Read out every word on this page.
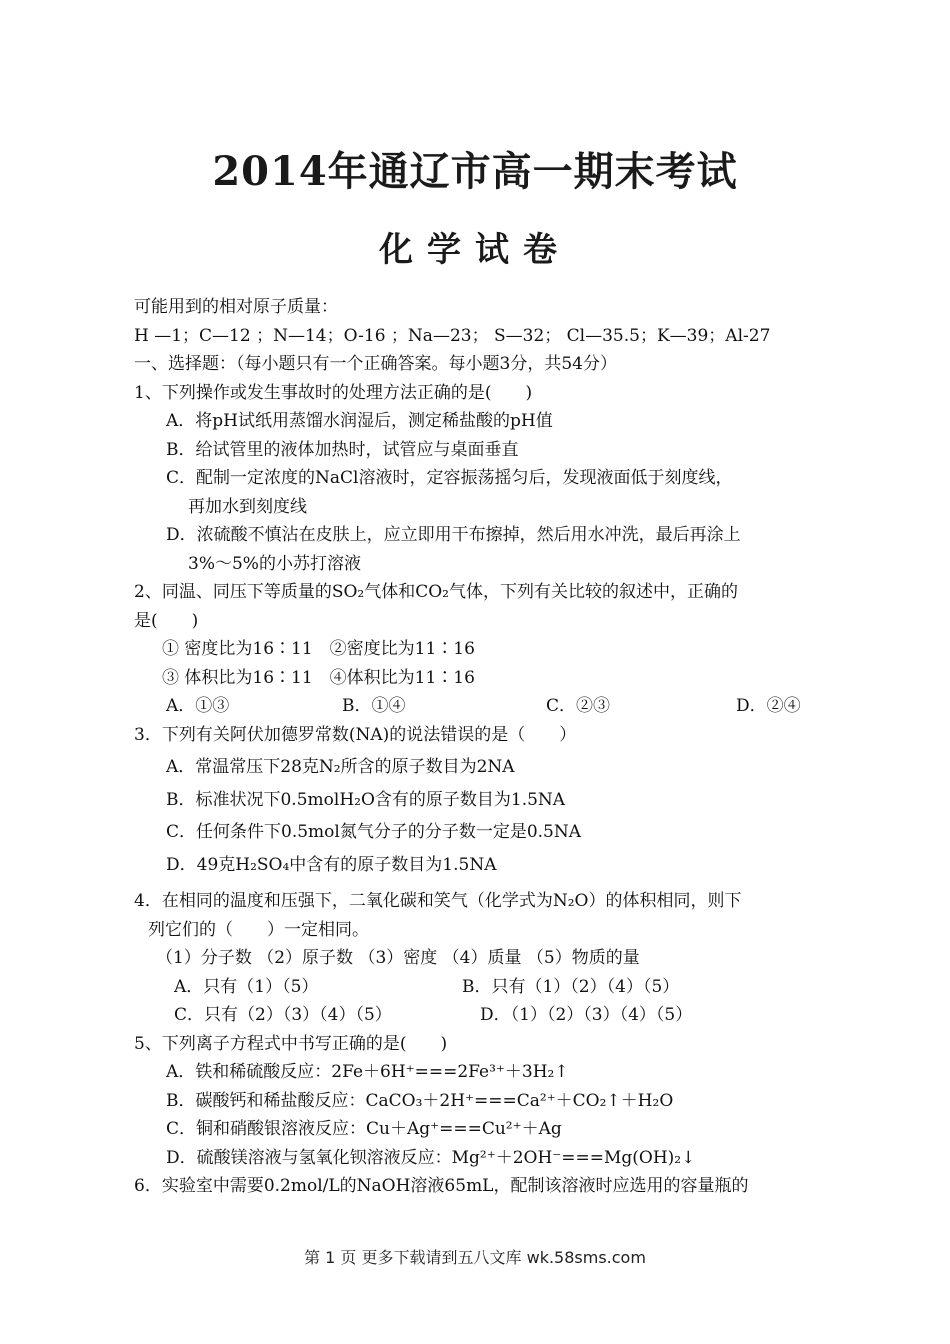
2014年通辽市高一期末考试
化学试卷
可能用到的相对原子质量：
H —1；C—12 ；N—14；O-16 ；Na—23； S—32； Cl—35.5；K—39；Al-27
一、选择题：（每小题只有一个正确答案。每小题3分，共54分）
1、下列操作或发生事故时的处理方法正确的是(　　)
A．将pH试纸用蒸馏水润湿后，测定稀盐酸的pH值
B．给试管里的液体加热时，试管应与桌面垂直
C．配制一定浓度的NaCl溶液时，定容振荡摇匀后，发现液面低于刻度线，
再加水到刻度线
D．浓硫酸不慎沾在皮肤上，应立即用干布擦掉，然后用水冲洗，最后再涂上
3%～5%的小苏打溶液
2、同温、同压下等质量的SO₂气体和CO₂气体，下列有关比较的叙述中，正确的
是(　　)
① 密度比为16∶11　②密度比为11∶16
③ 体积比为16∶11　④体积比为11∶16
A．①③	B．①④	C．②③	D．②④
3．下列有关阿伏加德罗常数(NA)的说法错误的是（　　）
A．常温常压下28克N₂所含的原子数目为2NA
B．标准状况下0.5molH₂O含有的原子数目为1.5NA
C．任何条件下0.5mol氮气分子的分子数一定是0.5NA
D．49克H₂SO₄中含有的原子数目为1.5NA
4．在相同的温度和压强下，二氧化碳和笑气（化学式为N₂O）的体积相同，则下
列它们的（　　）一定相同。
（1）分子数 （2）原子数 （3）密度 （4）质量 （5）物质的量
A．只有（1）（5）	B．只有（1）（2）（4）（5）
C．只有（2）（3）（4）（5）	D．（1）（2）（3）（4）（5）
5、下列离子方程式中书写正确的是(　　)
A．铁和稀硫酸反应：2Fe＋6H⁺===2Fe³⁺＋3H₂↑
B．碳酸钙和稀盐酸反应：CaCO₃＋2H⁺===Ca²⁺＋CO₂↑＋H₂O
C．铜和硝酸银溶液反应：Cu＋Ag⁺===Cu²⁺＋Ag
D．硫酸镁溶液与氢氧化钡溶液反应：Mg²⁺＋2OH⁻===Mg(OH)₂↓
6．实验室中需要0.2mol/L的NaOH溶液65mL，配制该溶液时应选用的容量瓶的
第 1 页 更多下载请到五八文库 wk.58sms.com
